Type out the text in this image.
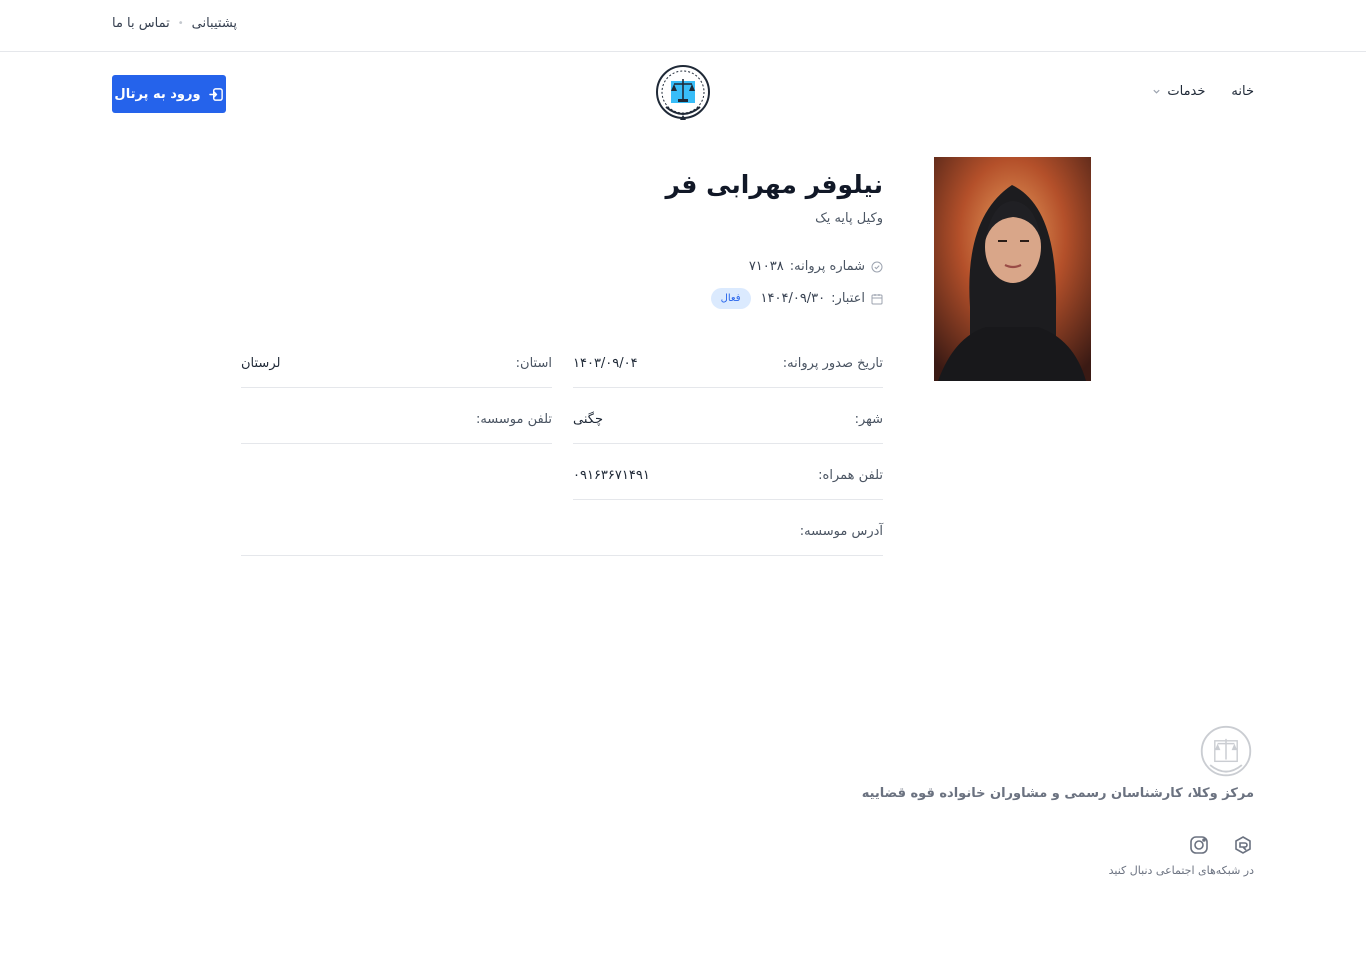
پشتیبانی
•
تماس با ما
ورود به پرتال	خانه
خدمات
نیلوفر مهرابی فر
وکیل پایه یک
شماره پروانه:
۷۱۰۳۸
اعتبار:
۱۴۰۴/۰۹/۳۰
فعال
تاریخ صدور پروانه:
۱۴۰۳/۰۹/۰۴
استان:
لرستان
شهر:
چگنی
تلفن موسسه:
تلفن همراه:
۰۹۱۶۳۶۷۱۴۹۱
آدرس موسسه:
مرکز وکلا، کارشناسان رسمی و مشاوران خانواده قوه قضاییه
در شبکه‌های اجتماعی دنبال کنید
